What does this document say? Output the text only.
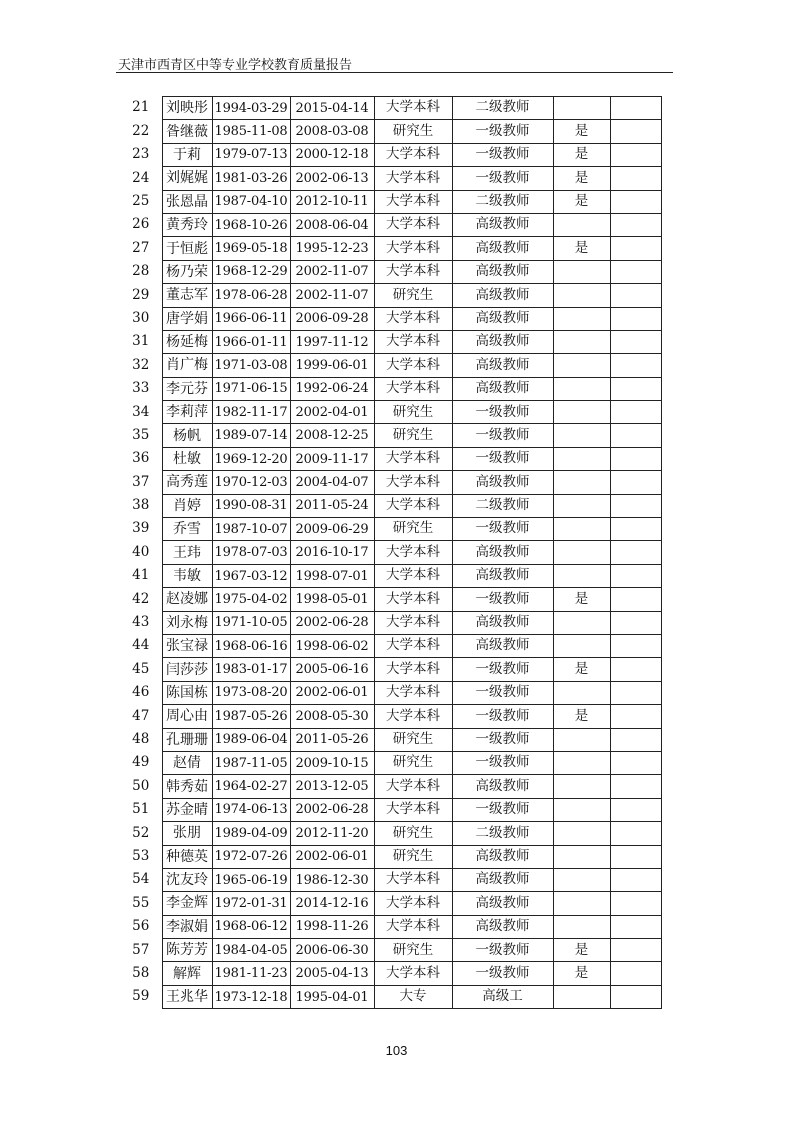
天津市西青区中等专业学校教育质量报告
21	刘映彤	1994-03-29	2015-04-14	大学本科	二级教师		
22	昝继薇	1985-11-08	2008-03-08	研究生	一级教师	是	
23	于莉	1979-07-13	2000-12-18	大学本科	一级教师	是	
24	刘娓娓	1981-03-26	2002-06-13	大学本科	一级教师	是	
25	张恩晶	1987-04-10	2012-10-11	大学本科	二级教师	是	
26	黄秀玲	1968-10-26	2008-06-04	大学本科	高级教师		
27	于恒彪	1969-05-18	1995-12-23	大学本科	高级教师	是	
28	杨乃荣	1968-12-29	2002-11-07	大学本科	高级教师		
29	董志军	1978-06-28	2002-11-07	研究生	高级教师		
30	唐学娟	1966-06-11	2006-09-28	大学本科	高级教师		
31	杨延梅	1966-01-11	1997-11-12	大学本科	高级教师		
32	肖广梅	1971-03-08	1999-06-01	大学本科	高级教师		
33	李元芬	1971-06-15	1992-06-24	大学本科	高级教师		
34	李莉萍	1982-11-17	2002-04-01	研究生	一级教师		
35	杨帆	1989-07-14	2008-12-25	研究生	一级教师		
36	杜敏	1969-12-20	2009-11-17	大学本科	一级教师		
37	高秀莲	1970-12-03	2004-04-07	大学本科	高级教师		
38	肖婷	1990-08-31	2011-05-24	大学本科	二级教师		
39	乔雪	1987-10-07	2009-06-29	研究生	一级教师		
40	王玮	1978-07-03	2016-10-17	大学本科	高级教师		
41	韦敏	1967-03-12	1998-07-01	大学本科	高级教师		
42	赵凌娜	1975-04-02	1998-05-01	大学本科	一级教师	是	
43	刘永梅	1971-10-05	2002-06-28	大学本科	高级教师		
44	张宝禄	1968-06-16	1998-06-02	大学本科	高级教师		
45	闫莎莎	1983-01-17	2005-06-16	大学本科	一级教师	是	
46	陈国栋	1973-08-20	2002-06-01	大学本科	一级教师		
47	周心由	1987-05-26	2008-05-30	大学本科	一级教师	是	
48	孔珊珊	1989-06-04	2011-05-26	研究生	一级教师		
49	赵倩	1987-11-05	2009-10-15	研究生	一级教师		
50	韩秀茹	1964-02-27	2013-12-05	大学本科	高级教师		
51	苏金晴	1974-06-13	2002-06-28	大学本科	一级教师		
52	张朋	1989-04-09	2012-11-20	研究生	二级教师		
53	种德英	1972-07-26	2002-06-01	研究生	高级教师		
54	沈友玲	1965-06-19	1986-12-30	大学本科	高级教师		
55	李金辉	1972-01-31	2014-12-16	大学本科	高级教师		
56	李淑娟	1968-06-12	1998-11-26	大学本科	高级教师		
57	陈芳芳	1984-04-05	2006-06-30	研究生	一级教师	是	
58	解辉	1981-11-23	2005-04-13	大学本科	一级教师	是	
59	王兆华	1973-12-18	1995-04-01	大专	高级工		
103
